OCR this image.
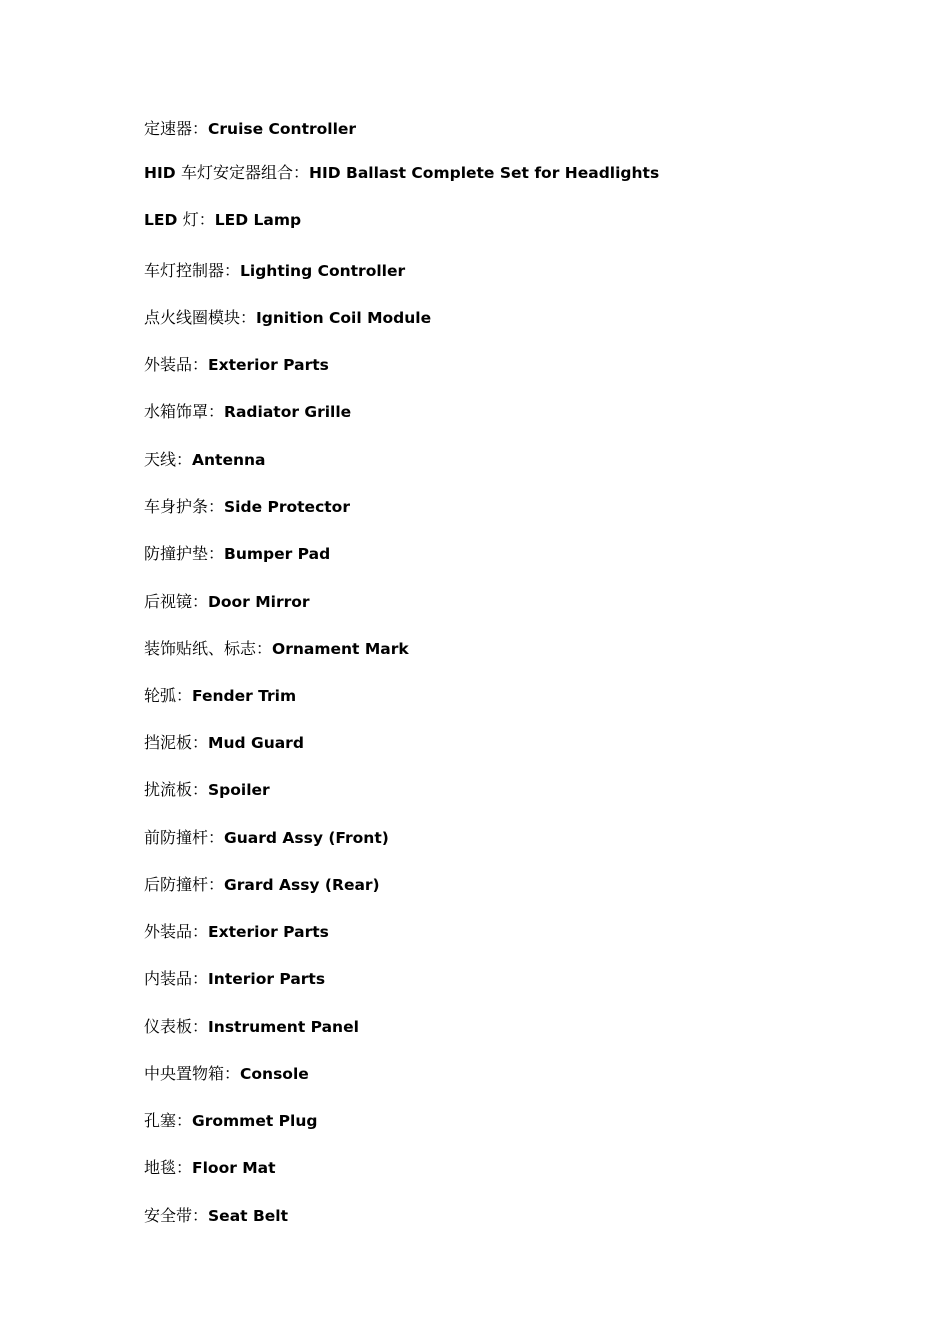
定速器：Cruise Controller
HID 车灯安定器组合：HID Ballast Complete Set for Headlights
LED 灯：LED Lamp
车灯控制器：Lighting Controller
点火线圈模块：Ignition Coil Module
外装品：Exterior Parts
水箱饰罩：Radiator Grille
天线：Antenna
车身护条：Side Protector
防撞护垫：Bumper Pad
后视镜：Door Mirror
装饰贴纸、标志：Ornament Mark
轮弧：Fender Trim
挡泥板：Mud Guard
扰流板：Spoiler
前防撞杆：Guard Assy (Front)
后防撞杆：Grard Assy (Rear)
外装品：Exterior Parts
内装品：Interior Parts
仪表板：Instrument Panel
中央置物箱：Console
孔塞：Grommet Plug
地毯：Floor Mat
安全带：Seat Belt
